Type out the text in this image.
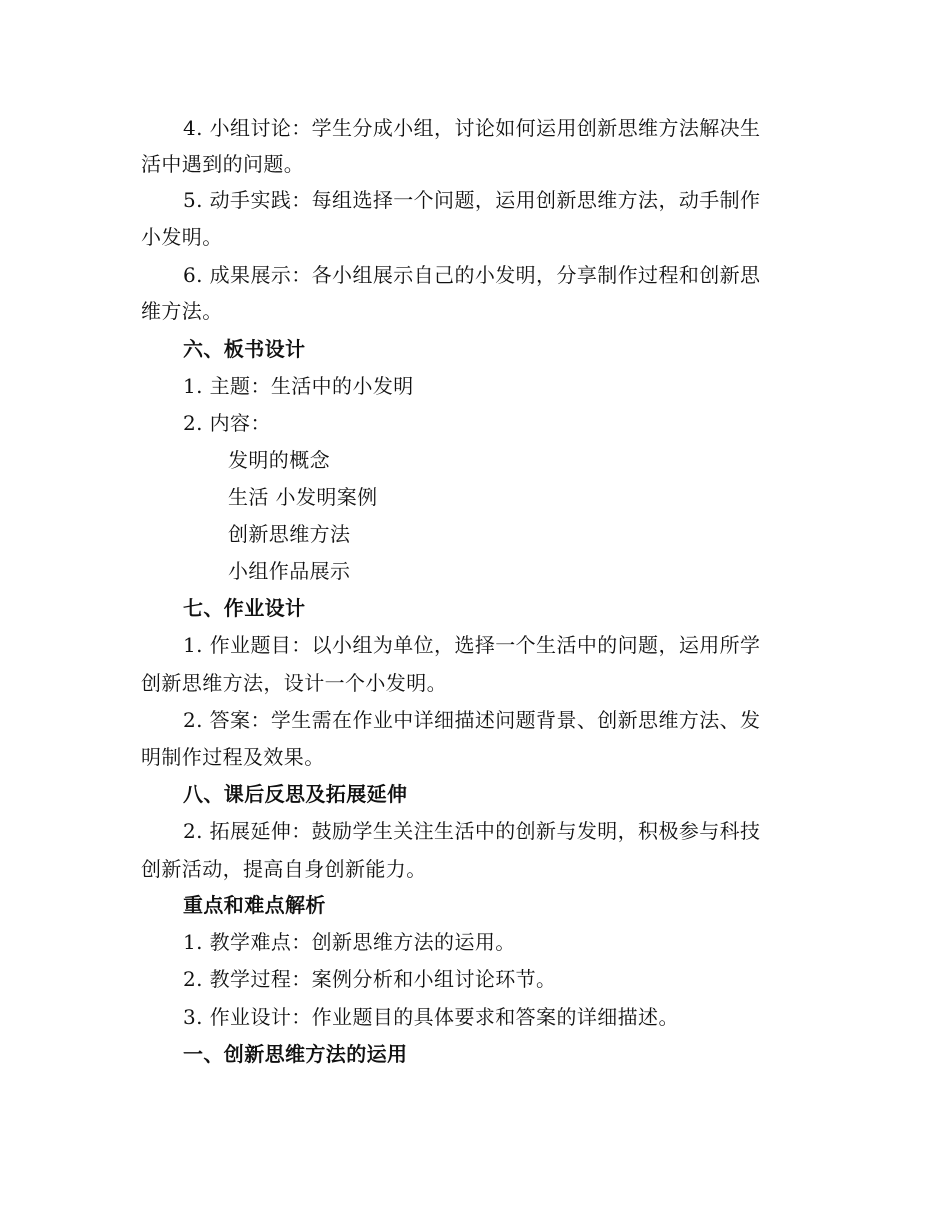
4. 小组讨论：学生分成小组，讨论如何运用创新思维方法解决生
活中遇到的问题。
5. 动手实践：每组选择一个问题，运用创新思维方法，动手制作
小发明。
6. 成果展示：各小组展示自己的小发明，分享制作过程和创新思
维方法。
六、板书设计
1. 主题：生活中的小发明
2. 内容：
发明的概念
生活 小发明案例
创新思维方法
小组作品展示
七、作业设计
1. 作业题目：以小组为单位，选择一个生活中的问题，运用所学
创新思维方法，设计一个小发明。
2. 答案：学生需在作业中详细描述问题背景、创新思维方法、发
明制作过程及效果。
八、课后反思及拓展延伸
2. 拓展延伸：鼓励学生关注生活中的创新与发明，积极参与科技
创新活动，提高自身创新能力。
重点和难点解析
1. 教学难点：创新思维方法的运用。
2. 教学过程：案例分析和小组讨论环节。
3. 作业设计：作业题目的具体要求和答案的详细描述。
一、创新思维方法的运用
